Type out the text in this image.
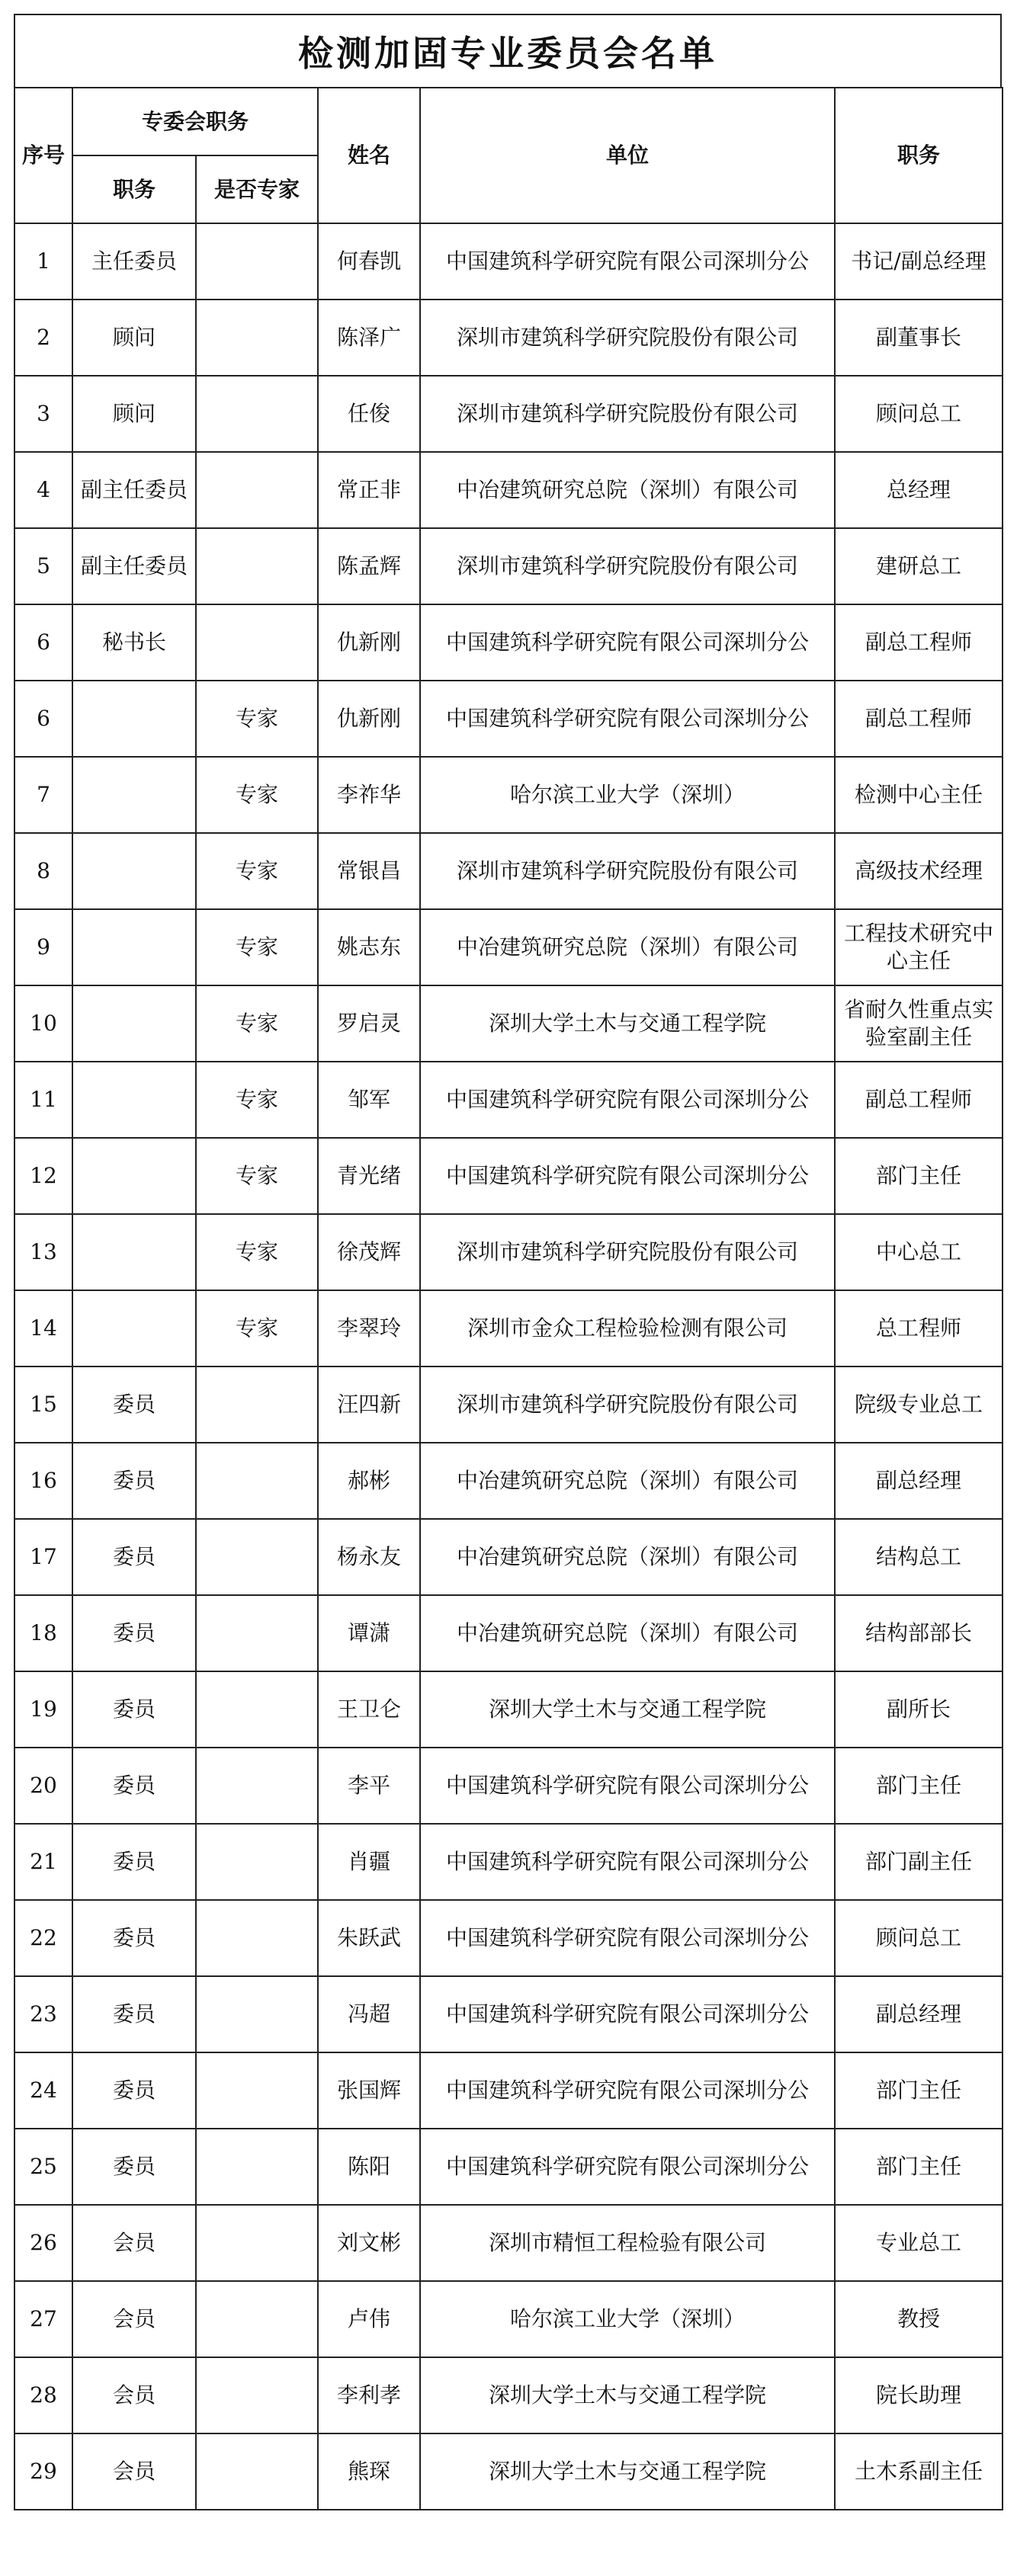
检测加固专业委员会名单
序号	专委会职务		姓名	单位	职务
	职务	是否专家			
1	主任委员		何春凯	中国建筑科学研究院有限公司深圳分公	书记/副总经理
2	顾问		陈泽广	深圳市建筑科学研究院股份有限公司	副董事长
3	顾问		任俊	深圳市建筑科学研究院股份有限公司	顾问总工
4	副主任委员		常正非	中冶建筑研究总院（深圳）有限公司	总经理
5	副主任委员		陈孟辉	深圳市建筑科学研究院股份有限公司	建研总工
6	秘书长		仇新刚	中国建筑科学研究院有限公司深圳分公	副总工程师
6		专家	仇新刚	中国建筑科学研究院有限公司深圳分公	副总工程师
7		专家	李祚华	哈尔滨工业大学（深圳）	检测中心主任
8		专家	常银昌	深圳市建筑科学研究院股份有限公司	高级技术经理
9		专家	姚志东	中冶建筑研究总院（深圳）有限公司	工程技术研究中心主任
10		专家	罗启灵	深圳大学土木与交通工程学院	省耐久性重点实验室副主任
11		专家	邹军	中国建筑科学研究院有限公司深圳分公	副总工程师
12		专家	青光绪	中国建筑科学研究院有限公司深圳分公	部门主任
13		专家	徐茂辉	深圳市建筑科学研究院股份有限公司	中心总工
14		专家	李翠玲	深圳市金众工程检验检测有限公司	总工程师
15	委员		汪四新	深圳市建筑科学研究院股份有限公司	院级专业总工
16	委员		郝彬	中冶建筑研究总院（深圳）有限公司	副总经理
17	委员		杨永友	中冶建筑研究总院（深圳）有限公司	结构总工
18	委员		谭潇	中冶建筑研究总院（深圳）有限公司	结构部部长
19	委员		王卫仑	深圳大学土木与交通工程学院	副所长
20	委员		李平	中国建筑科学研究院有限公司深圳分公	部门主任
21	委员		肖疆	中国建筑科学研究院有限公司深圳分公	部门副主任
22	委员		朱跃武	中国建筑科学研究院有限公司深圳分公	顾问总工
23	委员		冯超	中国建筑科学研究院有限公司深圳分公	副总经理
24	委员		张国辉	中国建筑科学研究院有限公司深圳分公	部门主任
25	委员		陈阳	中国建筑科学研究院有限公司深圳分公	部门主任
26	会员		刘文彬	深圳市精恒工程检验有限公司	专业总工
27	会员		卢伟	哈尔滨工业大学（深圳）	教授
28	会员		李利孝	深圳大学土木与交通工程学院	院长助理
29	会员		熊琛	深圳大学土木与交通工程学院	土木系副主任
